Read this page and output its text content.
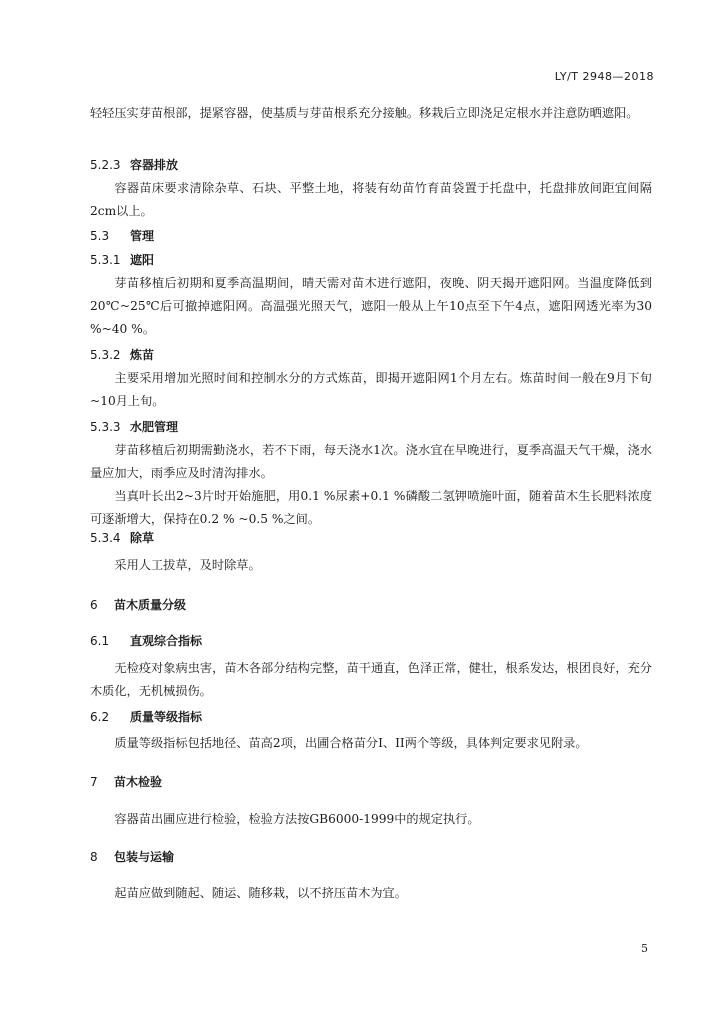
LY/T 2948—2018
轻轻压实芽苗根部，提紧容器，使基质与芽苗根系充分接触。移栽后立即浇足定根水并注意防晒遮阳。
5.2.3 容器排放
容器苗床要求清除杂草、石块、平整土地，将装有幼苗竹育苗袋置于托盘中，托盘排放间距宜间隔2cm以上。
5.3 管理
5.3.1 遮阳
芽苗移植后初期和夏季高温期间，晴天需对苗木进行遮阳，夜晚、阴天揭开遮阳网。当温度降低到20℃~25℃后可撤掉遮阳网。高温强光照天气，遮阳一般从上午10点至下午4点，遮阳网透光率为30 %~40 %。
5.3.2 炼苗
主要采用增加光照时间和控制水分的方式炼苗，即揭开遮阳网1个月左右。炼苗时间一般在9月下旬~10月上旬。
5.3.3 水肥管理
芽苗移植后初期需勤浇水，若不下雨，每天浇水1次。浇水宜在早晚进行，夏季高温天气干燥，浇水量应加大，雨季应及时清沟排水。
当真叶长出2~3片时开始施肥，用0.1 %尿素+0.1 %磷酸二氢钾喷施叶面，随着苗木生长肥料浓度可逐渐增大，保持在0.2 % ~0.5 %之间。
5.3.4 除草
采用人工拔草，及时除草。
6 苗木质量分级
6.1 直观综合指标
无检疫对象病虫害，苗木各部分结构完整，苗干通直，色泽正常，健壮，根系发达，根团良好，充分木质化，无机械损伤。
6.2 质量等级指标
质量等级指标包括地径、苗高2项，出圃合格苗分I、II两个等级，具体判定要求见附录。
7 苗木检验
容器苗出圃应进行检验，检验方法按GB6000-1999中的规定执行。
8 包装与运输
起苗应做到随起、随运、随移栽，以不挤压苗木为宜。
5
